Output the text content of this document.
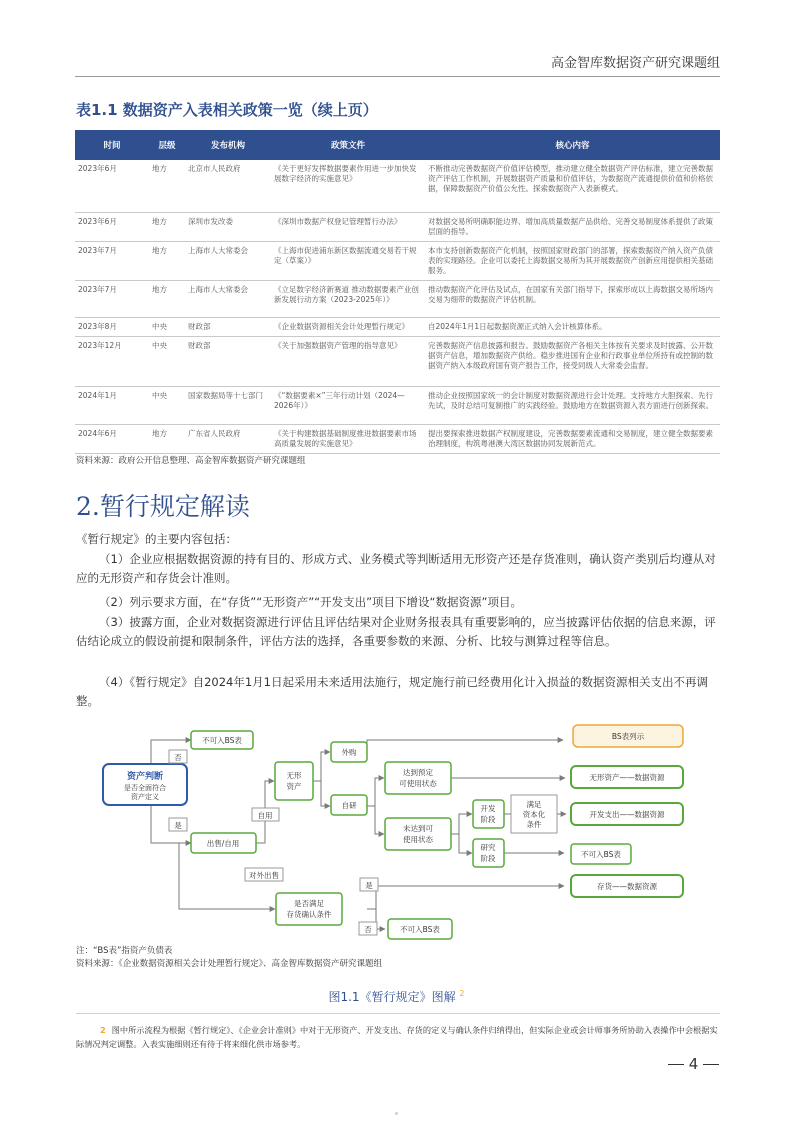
高金智库数据资产研究课题组
表1.1 数据资产入表相关政策一览（续上页）
时间	层级	发布机构	政策文件	核心内容
2023年6月	地方	北京市人民政府	《关于更好发挥数据要素作用进一步加快发展数字经济的实施意见》	不断推动完善数据资产价值评估模型，推动建立健全数据资产评估标准，建立完善数据资产评估工作机制，开展数据资产质量和价值评估，为数据资产流通提供价值和价格依据，保障数据资产价值公允性。探索数据资产入表新模式。
2023年6月	地方	深圳市发改委	《深圳市数据产权登记管理暂行办法》	对数据交易所明确职能边界、增加高质量数据产品供给、完善交易制度体系提供了政策层面的指导。
2023年7月	地方	上海市人大常委会	《上海市促进浦东新区数据流通交易若干规定（草案）》	本市支持创新数据资产化机制，按照国家财政部门的部署，探索数据资产纳入资产负债表的实现路径。企业可以委托上海数据交易所为其开展数据资产创新应用提供相关基础服务。
2023年7月	地方	上海市人大常委会	《立足数字经济新赛道 推动数据要素产业创新发展行动方案（2023-2025年）》	推动数据资产化评估及试点，在国家有关部门指导下，探索形成以上海数据交易所场内交易为细带的数据资产评估机制。
2023年8月	中央	财政部	《企业数据资源相关会计处理暂行规定》	自2024年1月1日起数据资源正式纳入会计核算体系。
2023年12月	中央	财政部	《关于加强数据资产管理的指导意见》	完善数据资产信息披露和报告。鼓励数据资产各相关主体按有关要求及时披露、公开数据资产信息，增加数据资产供给。稳步推进国有企业和行政事业单位所持有或控制的数据资产纳入本级政府国有资产报告工作，接受同级人大常委会监督。
2024年1月	中央	国家数据局等十七部门	《“数据要素×”三年行动计划（2024—2026年）》	推动企业按照国家统一的会计制度对数据资源进行会计处理。支持地方大胆探索、先行先试，及时总结可复制推广的实践经验。鼓励地方在数据资源入表方面进行创新探索。
2024年6月	地方	广东省人民政府	《关于构建数据基础制度推进数据要素市场高质量发展的实施意见》	提出要探索推进数据产权制度建设，完善数据要素流通和交易制度，建立健全数据要素治理制度，构筑粤港澳大湾区数据协同发展新范式。
资料来源：政府公开信息整理、高金智库数据资产研究课题组
2.暂行规定解读
《暂行规定》的主要内容包括：
（1）企业应根据数据资源的持有目的、形成方式、业务模式等判断适用无形资产还是存货准则，确认资产类别后均遵从对应的无形资产和存货会计准则。
（2）列示要求方面，在“存货”“无形资产”“开发支出”项目下增设“数据资源”项目。
（3）披露方面，企业对数据资源进行评估且评估结果对企业财务报表具有重要影响的，应当披露评估依据的信息来源，评估结论成立的假设前提和限制条件，评估方法的选择，各重要参数的来源、分析、比较与测算过程等信息。
（4）《暂行规定》自2024年1月1日起采用未来适用法施行，规定施行前已经费用化计入损益的数据资源相关支出不再调整。
资产判断
是否全面符合
资产定义
否
是
不可入BS表
出售/自用
自用
对外出售
无形
资产
外购
自研
达到预定
可使用状态
未达到可
使用状态
开发
阶段
研究
阶段
满足
资本化
条件
是否满足
存货确认条件
是
否	不可入BS表
BS表列示
无形资产——数据资源
开发支出——数据资源
不可入BS表
存货——数据资源
注：“BS表”指资产负债表
资料来源：《企业数据资源相关会计处理暂行规定》、高金智库数据资产研究课题组
图1.1《暂行规定》图解 $^2$
2 图中所示流程为根据《暂行规定》、《企业会计准则》中对于无形资产、开发支出、存货的定义与确认条件归纳得出，但实际企业或会计师事务所协助入表操作中会根据实际情况判定调整。入表实施细则还有待于将来细化供市场参考。
4
